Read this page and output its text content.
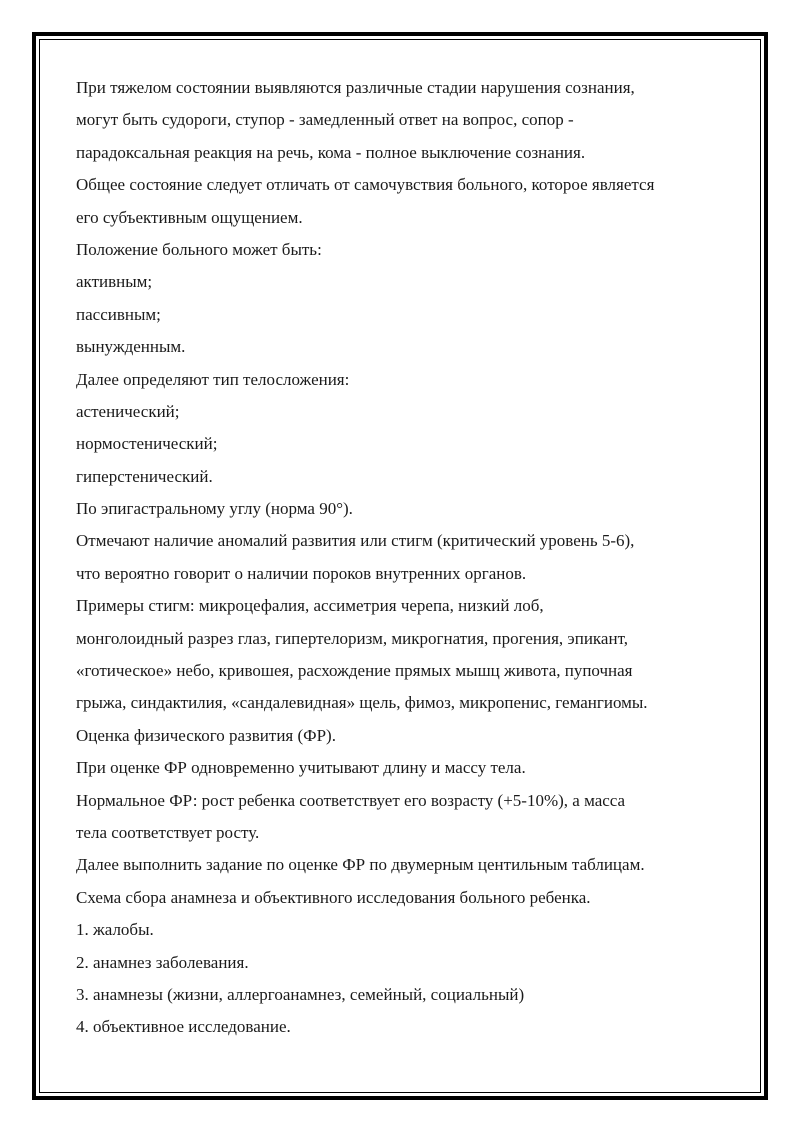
При тяжелом состоянии выявляются различные стадии нарушения сознания,
могут быть судороги, ступор - замедленный ответ на вопрос, сопор -
парадоксальная реакция на речь, кома - полное выключение сознания.
Общее состояние следует отличать от самочувствия больного, которое является
его субъективным ощущением.
Положение больного может быть:
активным;
пассивным;
вынужденным.
Далее определяют тип телосложения:
астенический;
нормостенический;
гиперстенический.
По эпигастральному углу (норма 90°).
Отмечают наличие аномалий развития или стигм (критический уровень 5-6),
что вероятно говорит о наличии пороков внутренних органов.
Примеры стигм: микроцефалия, ассиметрия черепа, низкий лоб,
монголоидный разрез глаз, гипертелоризм, микрогнатия, прогения, эпикант,
«готическое» небо, кривошея, расхождение прямых мышц живота, пупочная
грыжа, синдактилия, «сандалевидная» щель, фимоз, микропенис, гемангиомы.
Оценка физического развития (ФР).
При оценке ФР одновременно учитывают длину и массу тела.
Нормальное ФР: рост ребенка соответствует его возрасту (+5-10%), а масса
тела соответствует росту.
Далее выполнить задание по оценке ФР по двумерным центильным таблицам.
Схема сбора анамнеза и объективного исследования больного ребенка.
1. жалобы.
2. анамнез заболевания.
3. анамнезы (жизни, аллергоанамнез, семейный, социальный)
4. объективное исследование.
